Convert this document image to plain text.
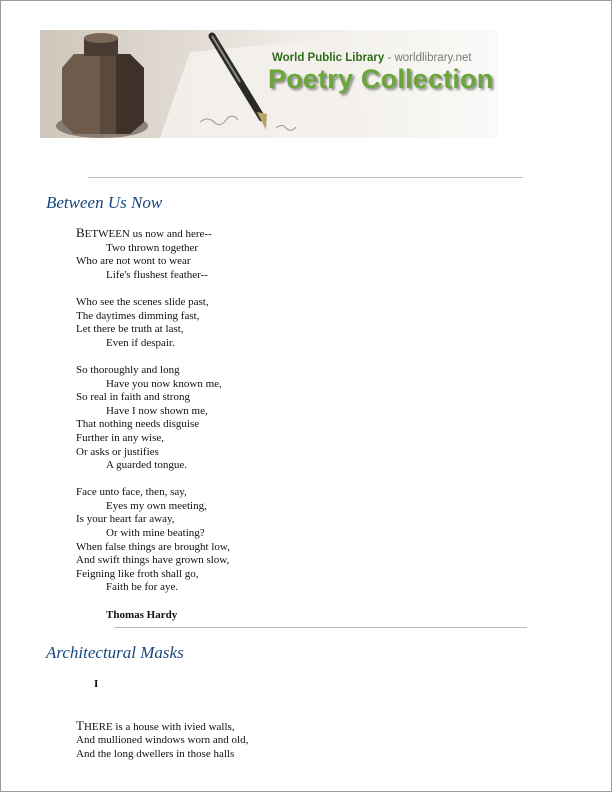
World Public Library - worldlibrary.net
Poetry Collection
Between Us Now
BETWEEN us now and here--
Two thrown together
Who are not wont to wear
Life's flushest feather--
Who see the scenes slide past,
The daytimes dimming fast,
Let there be truth at last,
Even if despair.
So thoroughly and long
Have you now known me,
So real in faith and strong
Have I now shown me,
That nothing needs disguise
Further in any wise,
Or asks or justifies
A guarded tongue.
Face unto face, then, say,
Eyes my own meeting,
Is your heart far away,
Or with mine beating?
When false things are brought low,
And swift things have grown slow,
Feigning like froth shall go,
Faith be for aye.
Thomas Hardy
Architectural Masks
I
THERE is a house with ivied walls,
And mullioned windows worn and old,
And the long dwellers in those halls
